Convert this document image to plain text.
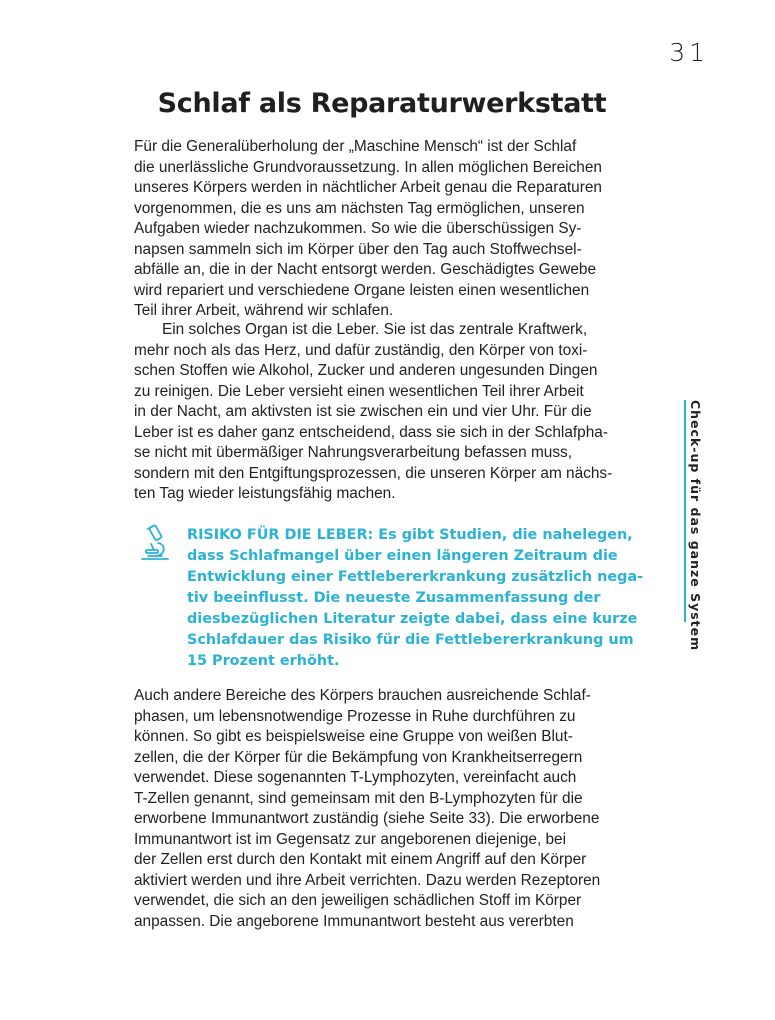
31
Schlaf als Reparaturwerkstatt
Für die Generalüberholung der „Maschine Mensch“ ist der Schlaf
die unerlässliche Grundvoraussetzung. In allen möglichen Bereichen
unseres Körpers werden in nächtlicher Arbeit genau die Reparaturen
vorgenommen, die es uns am nächsten Tag ermöglichen, unseren
Aufgaben wieder nachzukommen. So wie die überschüssigen Sy-
napsen sammeln sich im Körper über den Tag auch Stoffwechsel-
abfälle an, die in der Nacht entsorgt werden. Geschädigtes Gewebe
wird repariert und verschiedene Organe leisten einen wesentlichen
Teil ihrer Arbeit, während wir schlafen.
Ein solches Organ ist die Leber. Sie ist das zentrale Kraftwerk,
mehr noch als das Herz, und dafür zuständig, den Körper von toxi-
schen Stoffen wie Alkohol, Zucker und anderen ungesunden Dingen
zu reinigen. Die Leber versieht einen wesentlichen Teil ihrer Arbeit
in der Nacht, am aktivsten ist sie zwischen ein und vier Uhr. Für die
Leber ist es daher ganz entscheidend, dass sie sich in der Schlafpha-
se nicht mit übermäßiger Nahrungsverarbeitung befassen muss,
sondern mit den Entgiftungsprozessen, die unseren Körper am nächs-
ten Tag wieder leistungsfähig machen.
RISIKO FÜR DIE LEBER: Es gibt Studien, die nahelegen,
dass Schlafmangel über einen längeren Zeitraum die
Entwicklung einer Fettlebererkrankung zusätzlich nega-
tiv beeinflusst. Die neueste Zusammenfassung der
diesbezüglichen Literatur zeigte dabei, dass eine kurze
Schlafdauer das Risiko für die Fettlebererkrankung um
15 Prozent erhöht.
Auch andere Bereiche des Körpers brauchen ausreichende Schlaf-
phasen, um lebensnotwendige Prozesse in Ruhe durchführen zu
können. So gibt es beispielsweise eine Gruppe von weißen Blut-
zellen, die der Körper für die Bekämpfung von Krankheitserregern
verwendet. Diese sogenannten T-Lymphozyten, vereinfacht auch
T-Zellen genannt, sind gemeinsam mit den B-Lymphozyten für die
erworbene Immunantwort zuständig (siehe Seite 33). Die erworbene
Immunantwort ist im Gegensatz zur angeborenen diejenige, bei
der Zellen erst durch den Kontakt mit einem Angriff auf den Körper
aktiviert werden und ihre Arbeit verrichten. Dazu werden Rezeptoren
verwendet, die sich an den jeweiligen schädlichen Stoff im Körper
anpassen. Die angeborene Immunantwort besteht aus vererbten
Check-up für das ganze System
